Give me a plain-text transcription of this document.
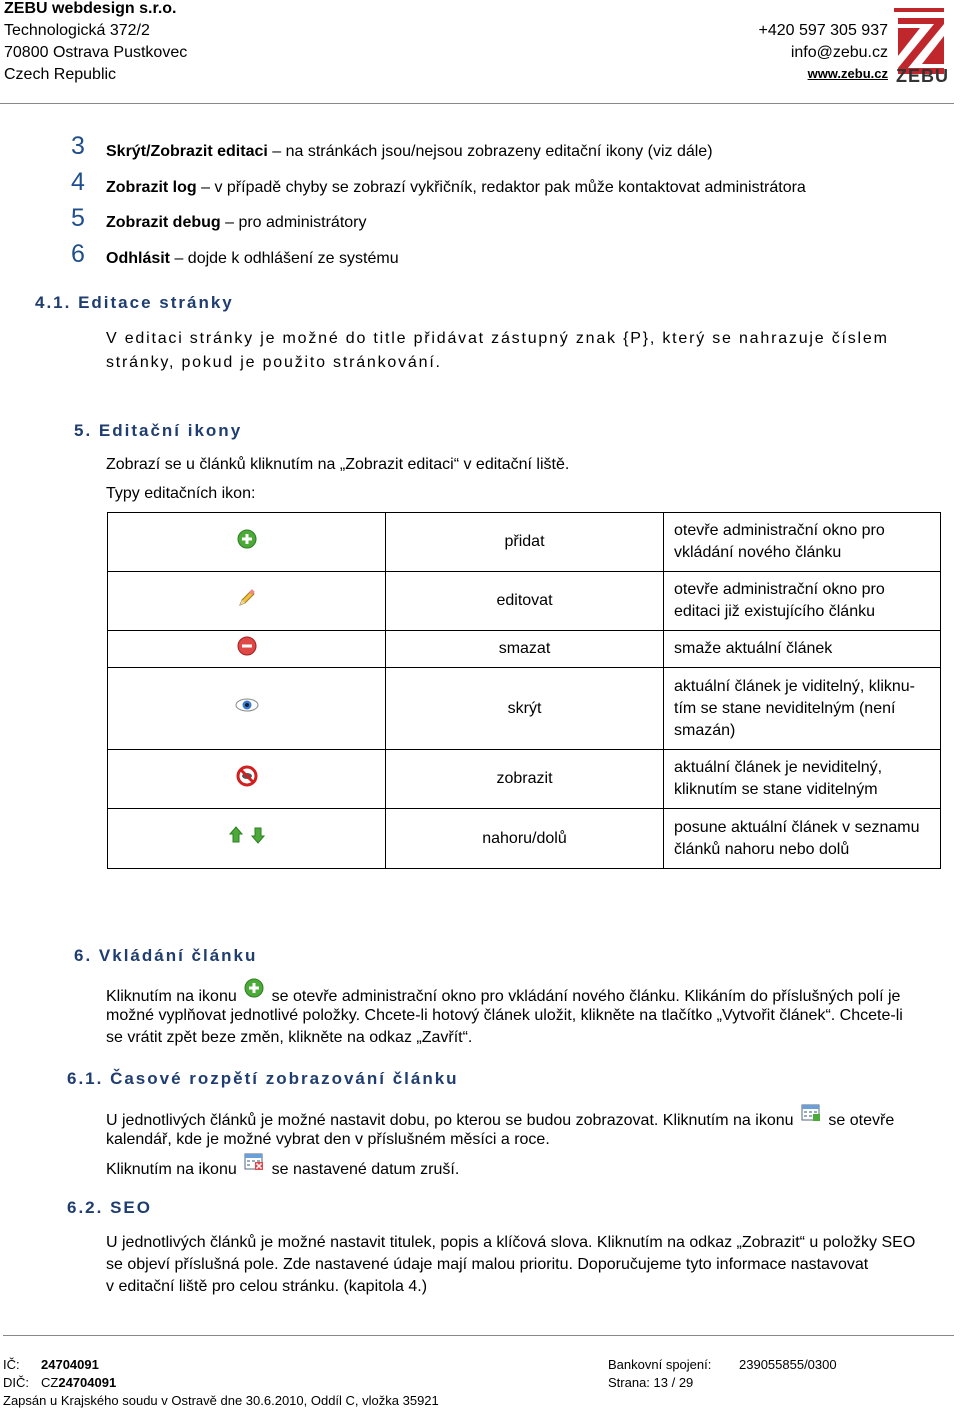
ZEBU webdesign s.r.o.
Technologická 372/2
70800 Ostrava Pustkovec
Czech Republic
+420 597 305 937
info@zebu.cz
www.zebu.cz ZEBU
3 Skrýt/Zobrazit editaci – na stránkách jsou/nejsou zobrazeny editační ikony (viz dále)
4 Zobrazit log – v případě chyby se zobrazí vykřičník, redaktor pak může kontaktovat administrátora
5 Zobrazit debug – pro administrátory
6 Odhlásit – dojde k odhlášení ze systému
4.1. Editace stránky
V editaci stránky je možné do title přidávat zástupný znak {P}, který se nahrazuje číslem
stránky, pokud je použito stránkování.
5. Editační ikony
Zobrazí se u článků kliknutím na „Zobrazit editaci“ v editační liště.
Typy editačních ikon:
	přidat	otevře administrační okno pro
vkládání nového článku
	editovat	otevře administrační okno pro
editaci již existujícího článku
	smazat	smaže aktuální článek
	skrýt	aktuální článek je viditelný, kliknu-
tím se stane neviditelným (není
smazán)
	zobrazit	aktuální článek je neviditelný,
kliknutím se stane viditelným
	nahoru/dolů	posune aktuální článek v seznamu
článků nahoru nebo dolů
6. Vkládání článku
Kliknutím na ikonu se otevře administrační okno pro vkládání nového článku. Klikáním do příslušných polí je
možné vyplňovat jednotlivé položky. Chcete-li hotový článek uložit, klikněte na tlačítko „Vytvořit článek“. Chcete-li
se vrátit zpět beze změn, klikněte na odkaz „Zavřít“.
6.1. Časové rozpětí zobrazování článku
U jednotlivých článků je možné nastavit dobu, po kterou se budou zobrazovat. Kliknutím na ikonu se otevře
kalendář, kde je možné vybrat den v příslušném měsíci a roce.
Kliknutím na ikonu se nastavené datum zruší.
6.2. SEO
U jednotlivých článků je možné nastavit titulek, popis a klíčová slova. Kliknutím na odkaz „Zobrazit“ u položky SEO
se objeví příslušná pole. Zde nastavené údaje mají malou prioritu. Doporučujeme tyto informace nastavovat
v editační liště pro celou stránku. (kapitola 4.)
IČ: 24704091
DIČ: CZ24704091
Zapsán u Krajského soudu v Ostravě dne 30.6.2010, Oddíl C, vložka 35921
Bankovní spojení: 239055855/0300
Strana: 13 / 29
